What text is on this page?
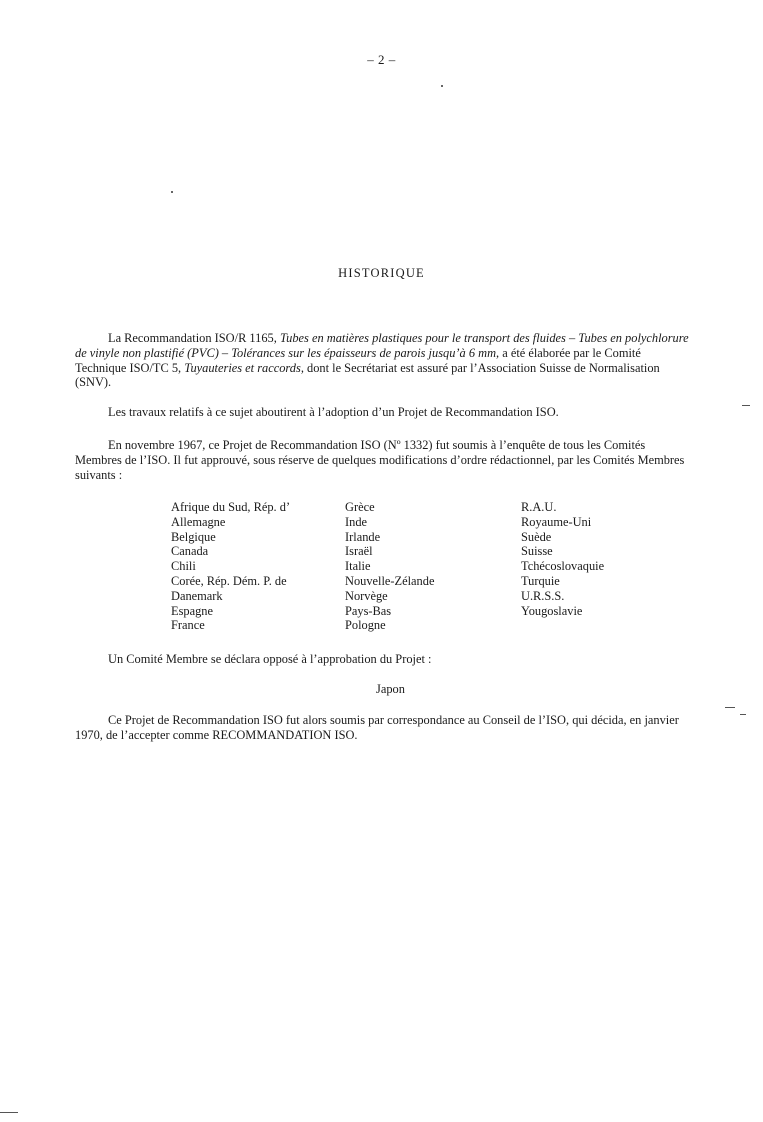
– 2 –
HISTORIQUE

La Recommandation ISO/R 1165, Tubes en matières plastiques pour le transport des fluides – Tubes en polychlorure de vinyle non plastifié (PVC) – Tolérances sur les épaisseurs de parois jusqu’à 6 mm, a été élaborée par le Comité Technique ISO/TC 5, Tuyauteries et raccords, dont le Secrétariat est assuré par l’Association Suisse de Normalisation (SNV).

Les travaux relatifs à ce sujet aboutirent à l’adoption d’un Projet de Recommandation ISO.

En novembre 1967, ce Projet de Recommandation ISO (Nº 1332) fut soumis à l’enquête de tous les Comités Membres de l’ISO. Il fut approuvé, sous réserve de quelques modifications d’ordre rédactionnel, par les Comités Membres suivants :

Afrique du Sud, Rép. d’
Allemagne
Belgique
Canada
Chili
Corée, Rép. Dém. P. de
Danemark
Espagne
France
Grèce
Inde
Irlande
Israël
Italie
Nouvelle-Zélande
Norvège
Pays-Bas
Pologne
R.A.U.
Royaume-Uni
Suède
Suisse
Tchécoslovaquie
Turquie
U.R.S.S.
Yougoslavie

Un Comité Membre se déclara opposé à l’approbation du Projet :

Japon

Ce Projet de Recommandation ISO fut alors soumis par correspondance au Conseil de l’ISO, qui décida, en janvier 1970, de l’accepter comme RECOMMANDATION ISO.
